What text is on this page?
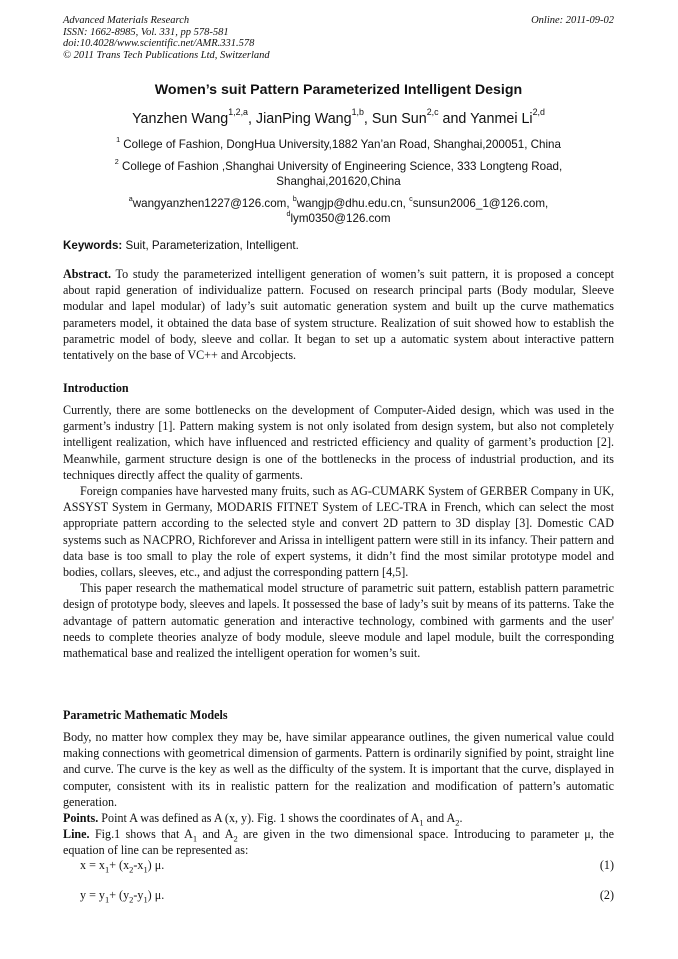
Advanced Materials Research
ISSN: 1662-8985, Vol. 331, pp 578-581
doi:10.4028/www.scientific.net/AMR.331.578
© 2011 Trans Tech Publications Ltd, Switzerland
Online: 2011-09-02
Women’s suit Pattern Parameterized Intelligent Design
Yanzhen Wang$^{1,2,a}$, JianPing Wang$^{1,b}$, Sun Sun$^{2,c}$ and Yanmei Li$^{2,d}$
$^1$ College of Fashion, DongHua University,1882 Yan’an Road, Shanghai,200051, China
$^2$ College of Fashion ,Shanghai University of Engineering Science, 333 Longteng Road, Shanghai,201620,China
$^a$wangyanzhen1227@126.com, $^b$wangjp@dhu.edu.cn, $^c$sunsun2006_1@126.com,
$^d$lym0350@126.com
Keywords: Suit, Parameterization, Intelligent.
Abstract. To study the parameterized intelligent generation of women’s suit pattern, it is proposed a concept about rapid generation of individualize pattern. Focused on research principal parts (Body modular, Sleeve modular and lapel modular) of lady’s suit automatic generation system and built up the curve mathematics parameters model, it obtained the data base of system structure. Realization of suit showed how to establish the parametric model of body, sleeve and collar. It began to set up a automatic system about interactive pattern tentatively on the base of VC++ and Arcobjects.
Introduction

Currently, there are some bottlenecks on the development of Computer-Aided design, which was used in the garment’s industry [1]. Pattern making system is not only isolated from design system, but also not completely intelligent realization, which have influenced and restricted efficiency and quality of garment’s production [2]. Meanwhile, garment structure design is one of the bottlenecks in the process of industrial production, and its techniques directly affect the quality of garments.

Foreign companies have harvested many fruits, such as AG-CUMARK System of GERBER Company in UK, ASSYST System in Germany, MODARIS FITNET System of LEC-TRA in French, which can select the most appropriate pattern according to the selected style and convert 2D pattern to 3D display [3]. Domestic CAD systems such as NACPRO, Richforever and Arissa in intelligent pattern were still in its infancy. Their pattern and data base is too small to play the role of expert systems, it didn’t find the most similar prototype model and bodies, collars, sleeves, etc., and adjust the corresponding pattern [4,5].

This paper research the mathematical model structure of parametric suit pattern, establish pattern parametric design of prototype body, sleeves and lapels. It possessed the base of lady’s suit by means of its patterns. Take the advantage of pattern automatic generation and interactive technology, combined with garments and the user' needs to complete theories analyze of body module, sleeve module and lapel module, built the corresponding mathematical base and realized the intelligent operation for women’s suit.

Parametric Mathematic Models

Body, no matter how complex they may be, have similar appearance outlines, the given numerical value could making connections with geometrical dimension of garments. Pattern is ordinarily signified by point, straight line and curve. The curve is the key as well as the difficulty of the system. It is important that the curve, displayed in computer, consistent with its in realistic pattern for the realization and modification of pattern’s automatic generation.

Points. Point A was defined as A (x, y). Fig. 1 shows the coordinates of $A_1$ and $A_2$.

Line. Fig.1 shows that $A_1$ and $A_2$ are given in the two dimensional space. Introducing to parameter μ, the equation of line can be represented as:

$x = x_1+ (x_2-x_1)$ μ.	(1)
$y = y_1+ (y_2-y_1)$ μ.	(2)
